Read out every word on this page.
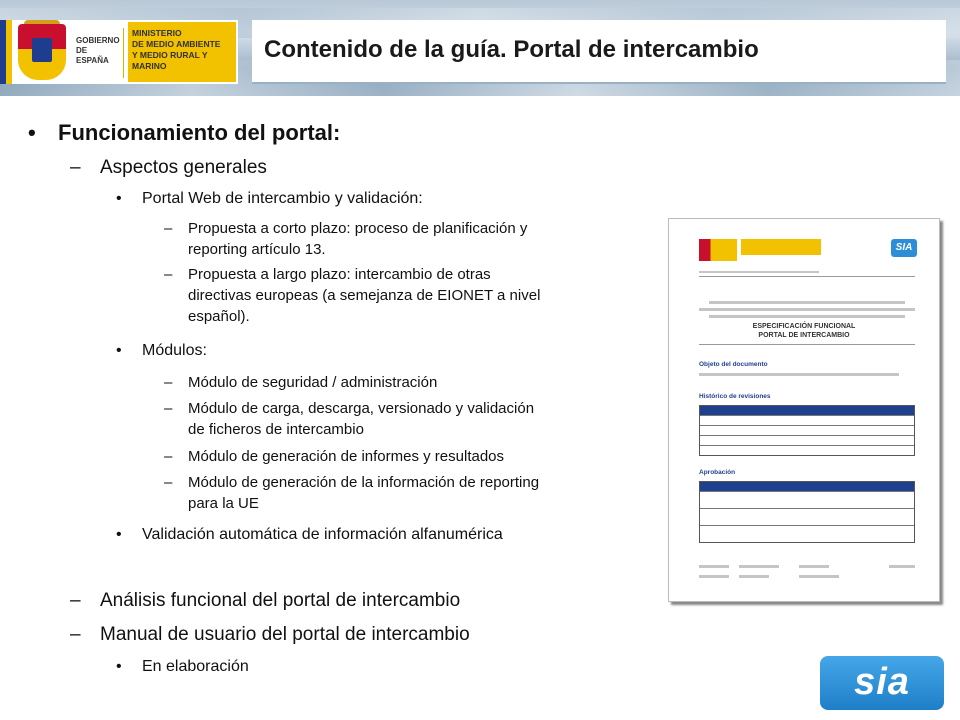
GOBIERNO
DE ESPAÑA
MINISTERIO
DE MEDIO AMBIENTE
Y MEDIO RURAL Y MARINO
Contenido de la guía. Portal de intercambio
• Funcionamiento del portal:
– Aspectos generales
• Portal Web de intercambio y validación:
– Propuesta a corto plazo: proceso de planificación y
reporting artículo 13.
– Propuesta a largo plazo: intercambio de otras
directivas europeas (a semejanza de EIONET a nivel
español).
• Módulos:
– Módulo de seguridad / administración
– Módulo de carga, descarga, versionado y validación
de ficheros de intercambio
– Módulo de generación de informes y resultados
– Módulo de generación de la información de reporting
para la UE
• Validación automática de información alfanumérica
– Análisis funcional del portal de intercambio
– Manual de usuario del portal de intercambio
• En elaboración
SIA
ESPECIFICACIÓN FUNCIONAL
PORTAL DE INTERCAMBIO
Objeto del documento
Histórico de revisiones
Aprobación
sia
